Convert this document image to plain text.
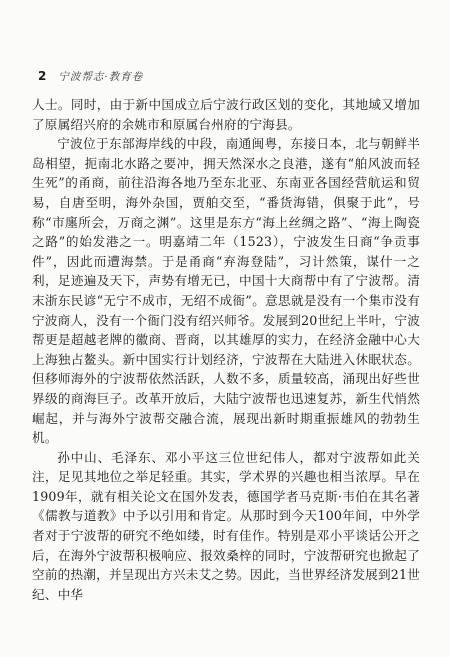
2 宁波帮志·教育卷

人士。同时，由于新中国成立后宁波行政区划的变化，其地域又增加了原属绍兴府的余姚市和原属台州府的宁海县。

宁波位于东部海岸线的中段，南通闽粤，东接日本，北与朝鲜半岛相望，扼南北水路之要冲，拥天然深水之良港，遂有“舶风波而轻生死”的甬商，前往沿海各地乃至东北亚、东南亚各国经营航运和贸易，自唐至明，海外杂国，贾舶交至，“番货海错，俱聚于此”，号称“市廛所会，万商之渊”。这里是东方“海上丝绸之路”、“海上陶瓷之路”的始发港之一。明嘉靖二年（1523），宁波发生日商“争贡事件”，因此而遭海禁。于是甬商“弃海登陆”，习计然策，谋什一之利，足迹遍及天下，声势有增无已，中国十大商帮中有了宁波帮。清末浙东民谚“无宁不成市，无绍不成衙”。意思就是没有一个集市没有宁波商人，没有一个衙门没有绍兴师爷。发展到20世纪上半叶，宁波帮更是超越老牌的徽商、晋商，以其雄厚的实力，在经济金融中心大上海独占鳌头。新中国实行计划经济，宁波帮在大陆进入休眠状态。但移师海外的宁波帮依然活跃，人数不多，质量较高，涌现出好些世界级的商海巨子。改革开放后，大陆宁波帮也迅速复苏，新生代悄然崛起，并与海外宁波帮交融合流，展现出新时期重振雄风的勃勃生机。

孙中山、毛泽东、邓小平这三位世纪伟人，都对宁波帮如此关注，足见其地位之举足轻重。其实，学术界的兴趣也相当浓厚。早在1909年，就有相关论文在国外发表，德国学者马克斯·韦伯在其名著《儒教与道教》中予以引用和肯定。从那时到今天100年间，中外学者对于宁波帮的研究不绝如缕，时有佳作。特别是邓小平谈话公开之后，在海外宁波帮积极响应、报效桑梓的同时，宁波帮研究也掀起了空前的热潮，并呈现出方兴未艾之势。因此，当世界经济发展到21世纪、中华
